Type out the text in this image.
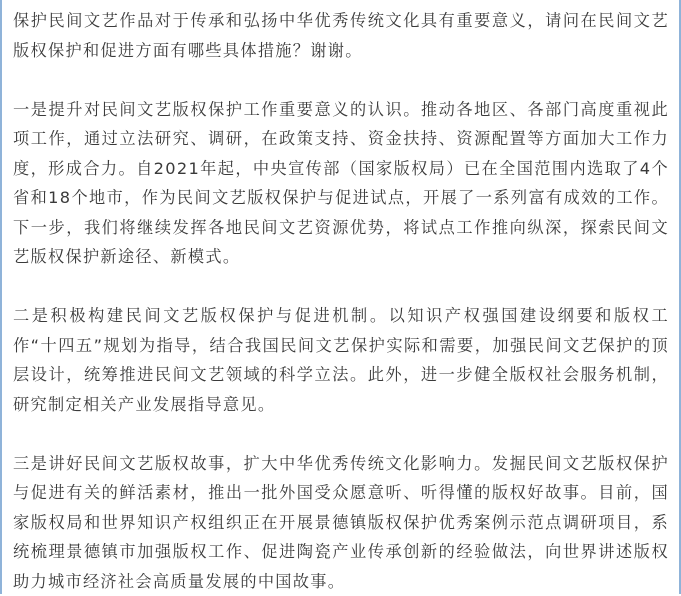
保护民间文艺作品对于传承和弘扬中华优秀传统文化具有重要意义，请问在民间文艺版权保护和促进方面有哪些具体措施？谢谢。

一是提升对民间文艺版权保护工作重要意义的认识。推动各地区、各部门高度重视此项工作，通过立法研究、调研，在政策支持、资金扶持、资源配置等方面加大工作力度，形成合力。自2021年起，中央宣传部（国家版权局）已在全国范围内选取了4个省和18个地市，作为民间文艺版权保护与促进试点，开展了一系列富有成效的工作。下一步，我们将继续发挥各地民间文艺资源优势，将试点工作推向纵深，探索民间文艺版权保护新途径、新模式。

二是积极构建民间文艺版权保护与促进机制。以知识产权强国建设纲要和版权工作“十四五”规划为指导，结合我国民间文艺保护实际和需要，加强民间文艺保护的顶层设计，统筹推进民间文艺领域的科学立法。此外，进一步健全版权社会服务机制，研究制定相关产业发展指导意见。

三是讲好民间文艺版权故事，扩大中华优秀传统文化影响力。发掘民间文艺版权保护与促进有关的鲜活素材，推出一批外国受众愿意听、听得懂的版权好故事。目前，国家版权局和世界知识产权组织正在开展景德镇版权保护优秀案例示范点调研项目，系统梳理景德镇市加强版权工作、促进陶瓷产业传承创新的经验做法，向世界讲述版权助力城市经济社会高质量发展的中国故事。
